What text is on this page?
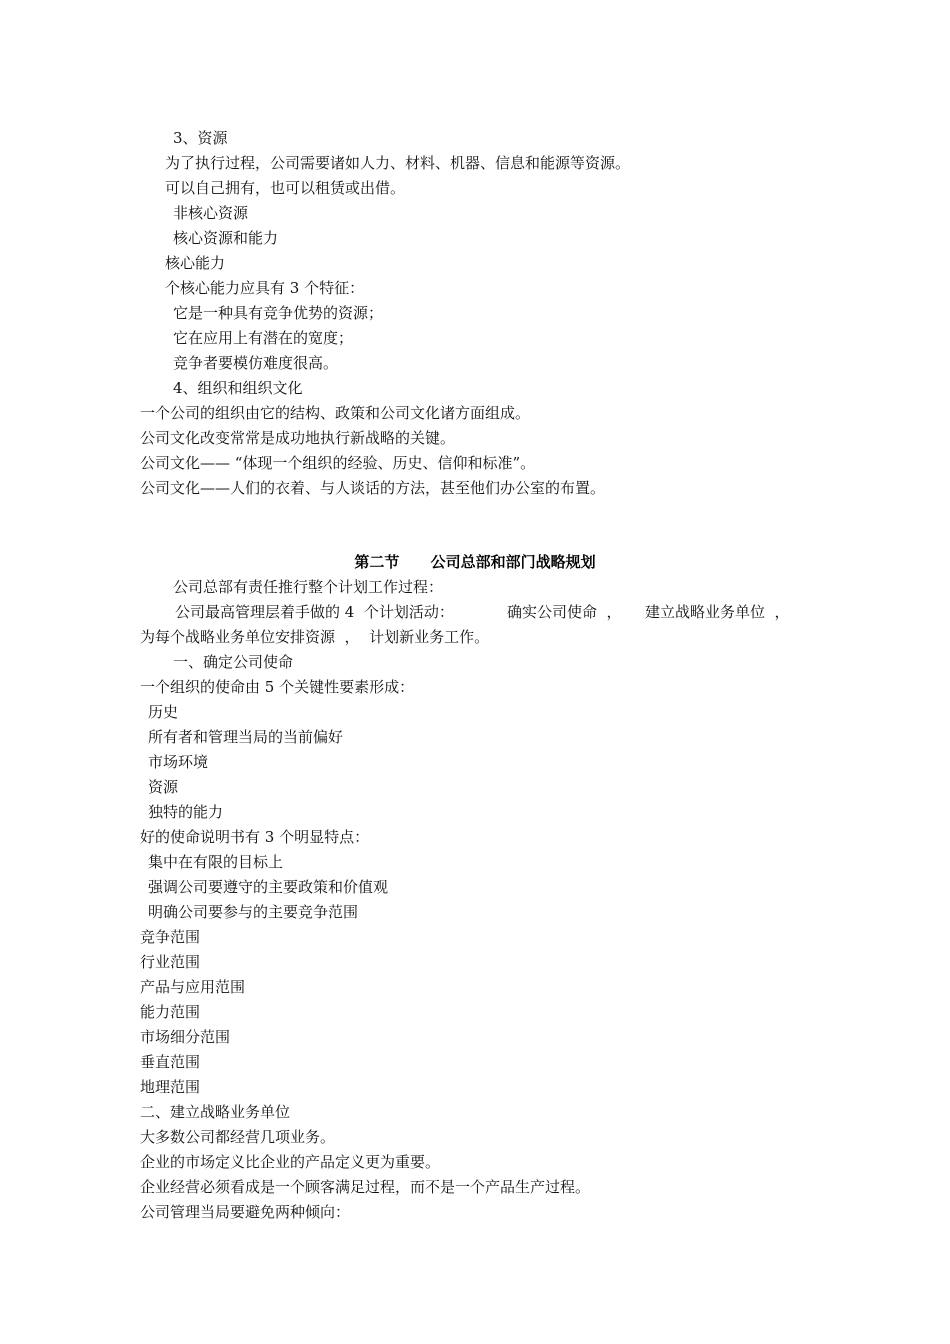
3、资源
为了执行过程，公司需要诸如人力、材料、机器、信息和能源等资源。
可以自己拥有，也可以租赁或出借。
非核心资源
核心资源和能力
核心能力
个核心能力应具有 3 个特征：
它是一种具有竞争优势的资源；
它在应用上有潜在的宽度；
竞争者要模仿难度很高。
4、组织和组织文化
一个公司的组织由它的结构、政策和公司文化诸方面组成。
公司文化改变常常是成功地执行新战略的关键。
公司文化—— “体现一个组织的经验、历史、信仰和标准”。
公司文化——人们的衣着、与人谈话的方法，甚至他们办公室的布置。
第二节 公司总部和部门战略规划
公司总部有责任推行整个计划工作过程：
公司最高管理层着手做的 4  个计划活动：	确实公司使命  ， 建立战略业务单位  ，
为每个战略业务单位安排资源  ，  计划新业务工作。
一、确定公司使命
一个组织的使命由 5 个关键性要素形成：
历史
所有者和管理当局的当前偏好
市场环境
资源
独特的能力
好的使命说明书有 3 个明显特点：
集中在有限的目标上
强调公司要遵守的主要政策和价值观
明确公司要参与的主要竞争范围
竞争范围
行业范围
产品与应用范围
能力范围
市场细分范围
垂直范围
地理范围
二、建立战略业务单位
大多数公司都经营几项业务。
企业的市场定义比企业的产品定义更为重要。
企业经营必须看成是一个顾客满足过程，而不是一个产品生产过程。
公司管理当局要避免两种倾向：
